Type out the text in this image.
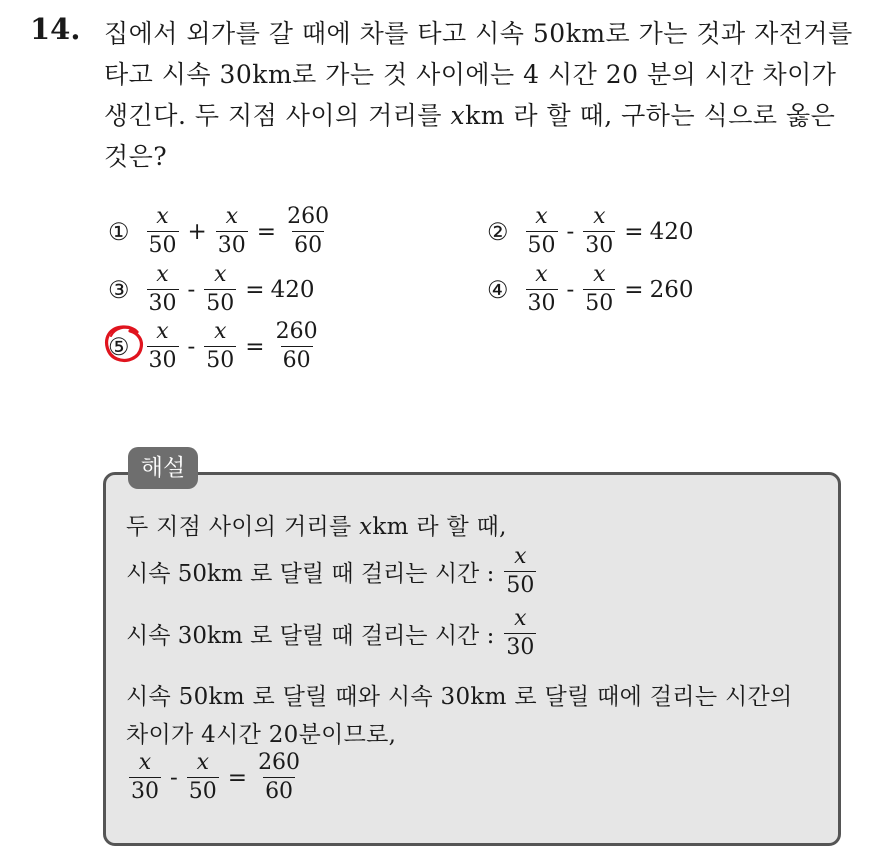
14. 집에서 외가를 갈 때에 차를 타고 시속 50km로 가는 것과 자전거를
타고 시속 30km로 가는 것 사이에는 4 시간 20 분의 시간 차이가
생긴다. 두 지점 사이의 거리를 xkm 라 할 때, 구하는 식으로 옳은
것은?
① $\frac{x}{50} + \frac{x}{30} = \frac{260}{60}$	② $\frac{x}{50} - \frac{x}{30} = 420$
③ $\frac{x}{30} - \frac{x}{50} = 420$	④ $\frac{x}{30} - \frac{x}{50} = 260$
⑤ $\frac{x}{30} - \frac{x}{50} = \frac{260}{60}$
해설
두 지점 사이의 거리를 xkm 라 할 때,
시속 50km 로 달릴 때 걸리는 시간 : $\frac{x}{50}$
시속 30km 로 달릴 때 걸리는 시간 : $\frac{x}{30}$
시속 50km 로 달릴 때와 시속 30km 로 달릴 때에 걸리는 시간의
차이가 4시간 20분이므로,
$\frac{x}{30} - \frac{x}{50} = \frac{260}{60}$
